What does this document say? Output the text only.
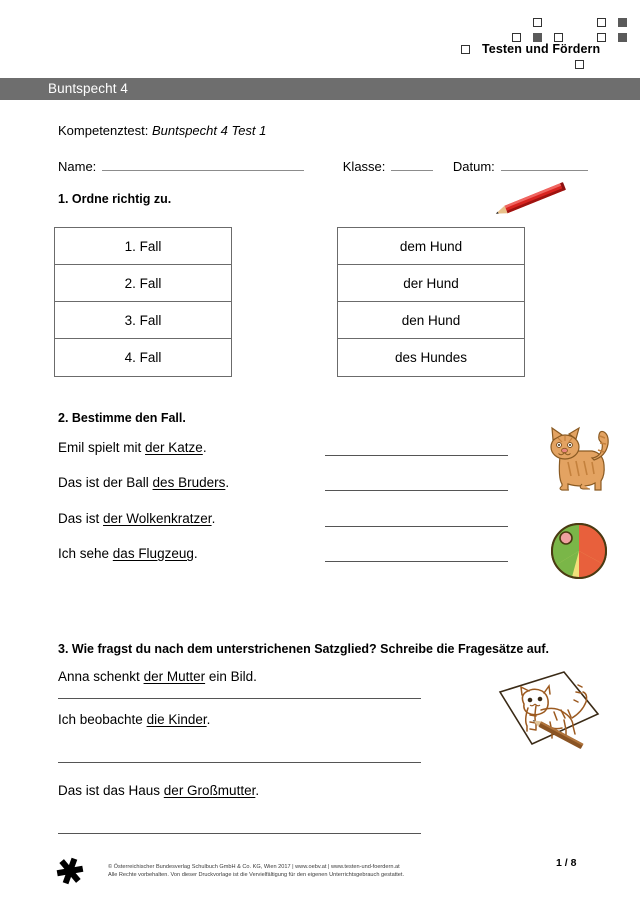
Testen und Fördern
Buntspecht 4
Kompetenztest: Buntspecht 4 Test 1
Name:	Klasse:	Datum:
1. Ordne richtig zu.
1. Fall
2. Fall
3. Fall
4. Fall
dem Hund
der Hund
den Hund
des Hundes
2. Bestimme den Fall.
Emil spielt mit der Katze.
Das ist der Ball des Bruders.
Das ist der Wolkenkratzer.
Ich sehe das Flugzeug.
3. Wie fragst du nach dem unterstrichenen Satzglied? Schreibe die Fragesätze auf.
Anna schenkt der Mutter ein Bild.
Ich beobachte die Kinder.
Das ist das Haus der Großmutter.
© Österreichischer Bundesverlag Schulbuch GmbH & Co. KG, Wien 2017 | www.oebv.at | www.testen-und-foerdern.at
Alle Rechte vorbehalten. Von dieser Druckvorlage ist die Vervielfältigung für den eigenen Unterrichtsgebrauch gestattet.
1 / 8
